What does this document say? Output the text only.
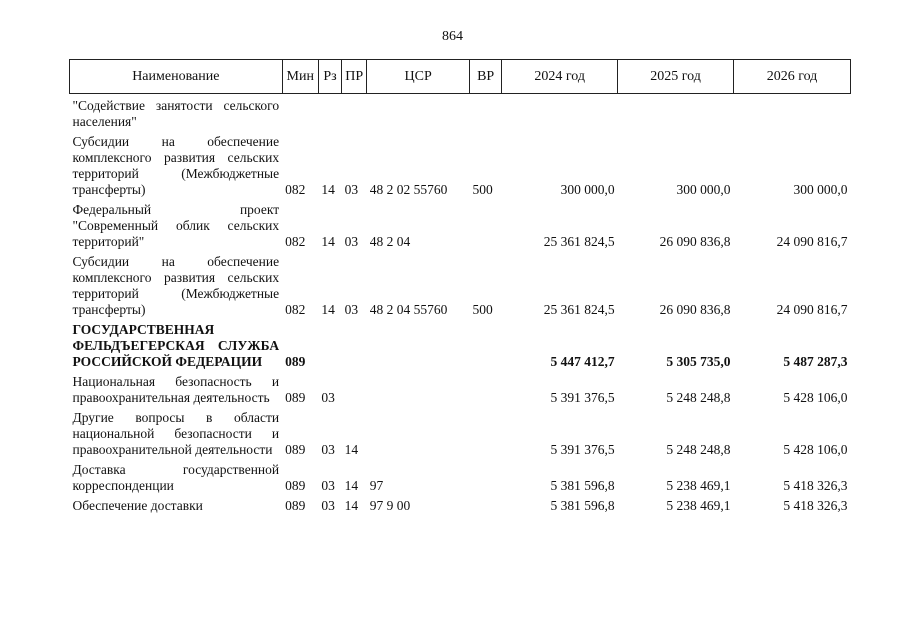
864
Наименование	Мин	Рз	ПР	ЦСР	ВР	2024 год	2025 год	2026 год
"Содействие занятости сельского населения"								
Субсидии на обеспечение комплексного развития сельских территорий (Межбюджетные трансферты)	082	14	03	48 2 02 55760	500	300 000,0	300 000,0	300 000,0
Федеральный проект "Современный облик сельских территорий"	082	14	03	48 2 04		25 361 824,5	26 090 836,8	24 090 816,7
Субсидии на обеспечение комплексного развития сельских территорий (Межбюджетные трансферты)	082	14	03	48 2 04 55760	500	25 361 824,5	26 090 836,8	24 090 816,7
ГОСУДАРСТВЕННАЯ ФЕЛЬДЪЕГЕРСКАЯ СЛУЖБА РОССИЙСКОЙ ФЕДЕРАЦИИ	089					5 447 412,7	5 305 735,0	5 487 287,3
Национальная безопасность и правоохранительная деятельность	089	03				5 391 376,5	5 248 248,8	5 428 106,0
Другие вопросы в области национальной безопасности и правоохранительной деятельности	089	03	14			5 391 376,5	5 248 248,8	5 428 106,0
Доставка государственной корреспонденции	089	03	14	97		5 381 596,8	5 238 469,1	5 418 326,3
Обеспечение доставки	089	03	14	97 9 00		5 381 596,8	5 238 469,1	5 418 326,3
